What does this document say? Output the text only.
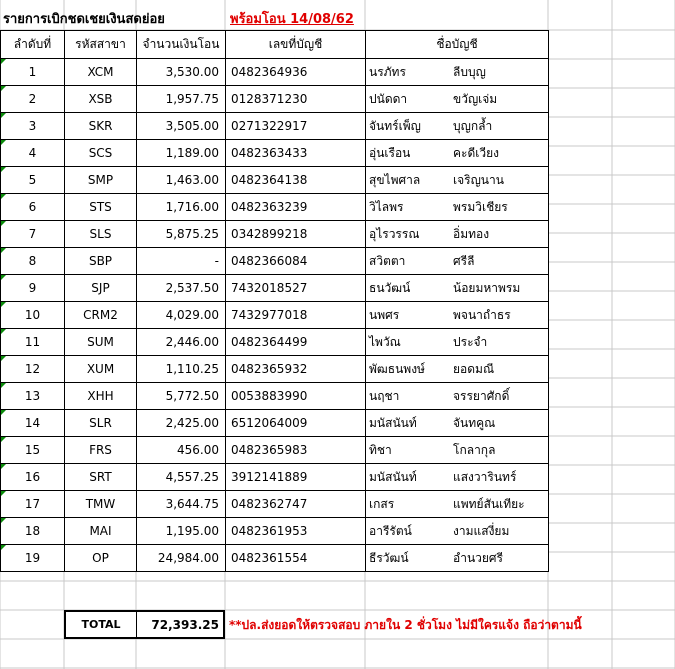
รายการเบิกชดเชยเงินสดย่อย	พร้อมโอน 14/08/62
ลำดับที่	รหัสสาขา	จำนวนเงินโอน	เลขที่บัญชี	ชื่อบัญชี
1	XCM	3,530.00	0482364936	นรภัทร ลีบบุญ
2	XSB	1,957.75	0128371230	ปนัดดา ขวัญเจ่ม
3	SKR	3,505.00	0271322917	จันทร์เพ็ญ บุญกล้ำ
4	SCS	1,189.00	0482363433	อุ่นเรือน คะดีเวียง
5	SMP	1,463.00	0482364138	สุขไพศาล เจริญนาน
6	STS	1,716.00	0482363239	วิไลพร พรมวิเชียร
7	SLS	5,875.25	0342899218	อุไรวรรณ อิ่มทอง
8	SBP	-	0482366084	สวิตตา ศรีลี
9	SJP	2,537.50	7432018527	ธนวัฒน์ น้อยมหาพรม
10	CRM2	4,029.00	7432977018	นพศร พจนาถำธร
11	SUM	2,446.00	0482364499	ไพวัณ ประจำ
12	XUM	1,110.25	0482365932	พัฒธนพงษ์ ยอดมณี
13	XHH	5,772.50	0053883990	นฤชา จรรยาศักดิ์
14	SLR	2,425.00	6512064009	มนัสนันท์ จันทคูณ
15	FRS	456.00	0482365983	ทิชา โกลากุล
16	SRT	4,557.25	3912141889	มนัสนันท์ แสงวารินทร์
17	TMW	3,644.75	0482362747	เกสร แพทย์สันเทียะ
18	MAI	1,195.00	0482361953	อารีรัตน์ งามแสงี่ยม
19	OP	24,984.00	0482361554	ธีรวัฒน์ อำนวยศรี
TOTAL	72,393.25 **ปล.ส่งยอดให้ตรวจสอบ ภายใน 2 ชั่วโมง ไม่มีใครแจ้ง ถือว่าตามนี้
